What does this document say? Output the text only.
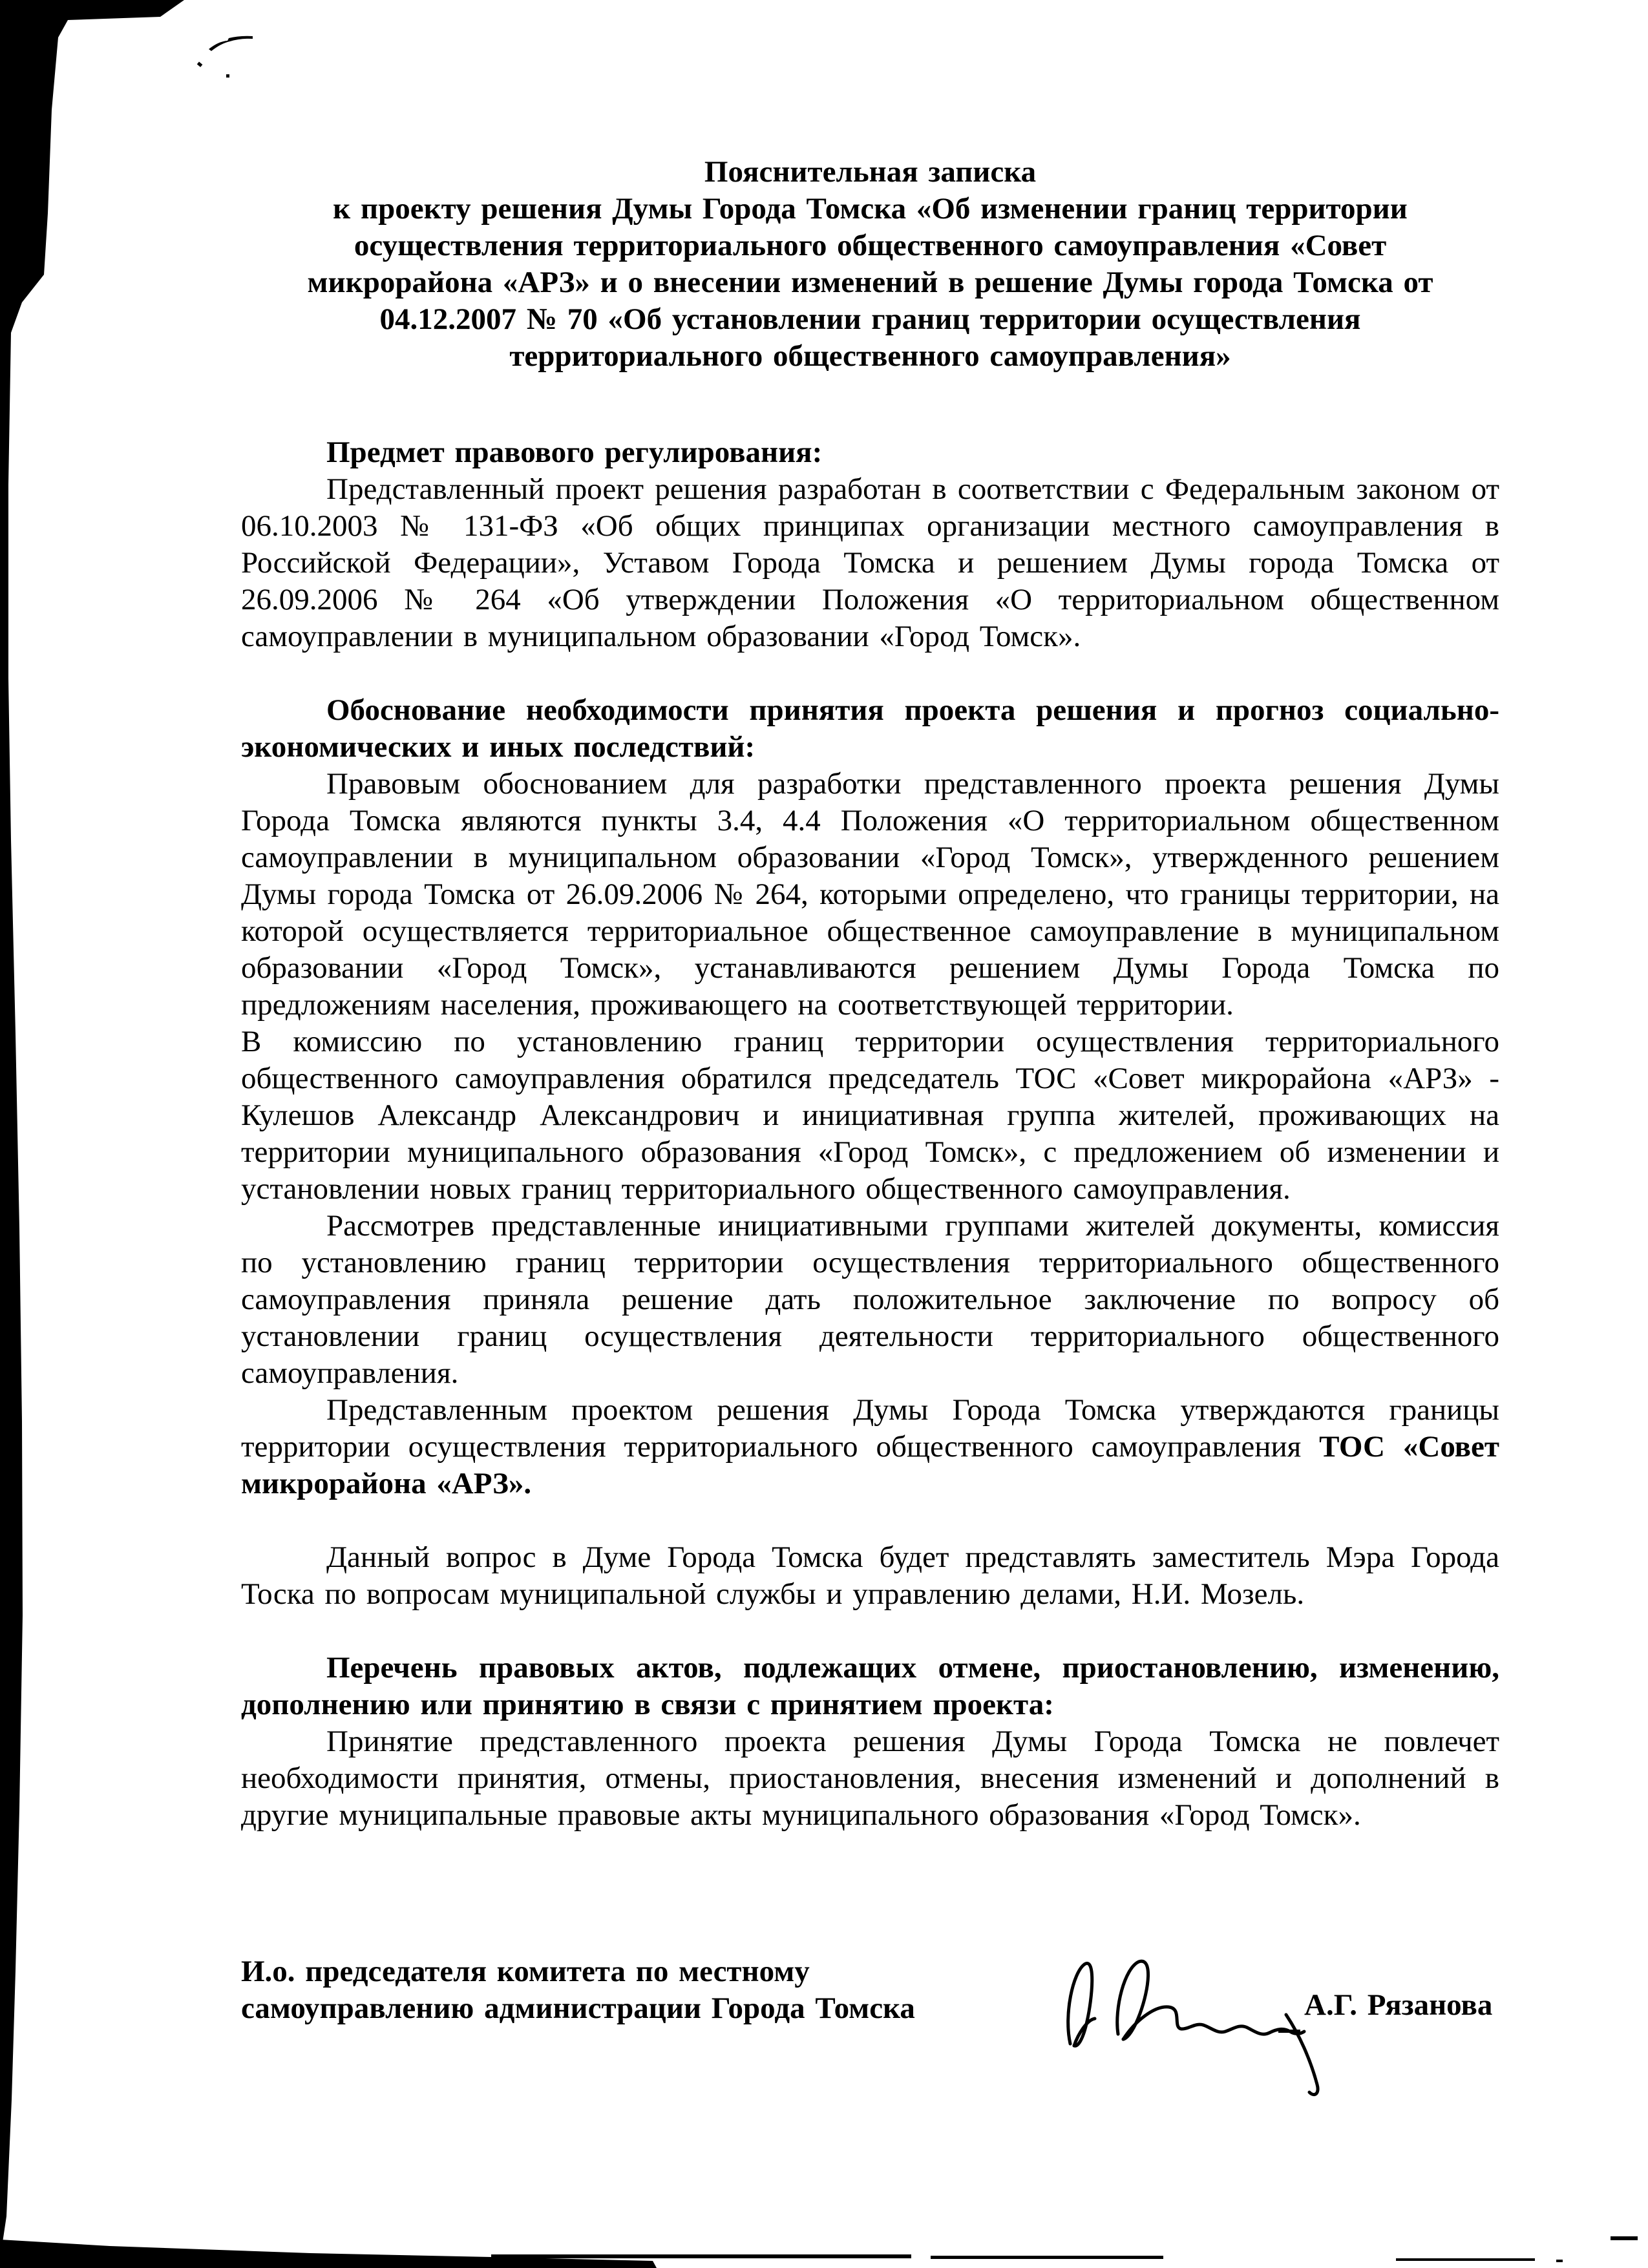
Пояснительная записка
к проекту решения Думы Города Томска «Об изменении границ территории
осуществления территориального общественного самоуправления «Совет
микрорайона «АРЗ» и о внесении изменений в решение Думы города Томска от
04.12.2007 № 70 «Об установлении границ территории осуществления
территориального общественного самоуправления»

Предмет правового регулирования:

Представленный проект решения разработан в соответствии с Федеральным законом от 06.10.2003 № 131-ФЗ «Об общих принципах организации местного самоуправления в Российской Федерации», Уставом Города Томска и решением Думы города Томска от 26.09.2006 № 264 «Об утверждении Положения «О территориальном общественном самоуправлении в муниципальном образовании «Город Томск».

Обоснование необходимости принятия проекта решения и прогноз социально-экономических и иных последствий:

Правовым обоснованием для разработки представленного проекта решения Думы Города Томска являются пункты 3.4, 4.4 Положения «О территориальном общественном самоуправлении в муниципальном образовании «Город Томск», утвержденного решением Думы города Томска от 26.09.2006 № 264, которыми определено, что границы территории, на которой осуществляется территориальное общественное самоуправление в муниципальном образовании «Город Томск», устанавливаются решением Думы Города Томска по предложениям населения, проживающего на соответствующей территории.

В комиссию по установлению границ территории осуществления территориального общественного самоуправления обратился председатель ТОС «Совет микрорайона «АРЗ» - Кулешов Александр Александрович и инициативная группа жителей, проживающих на территории муниципального образования «Город Томск», с предложением об изменении и установлении новых границ территориального общественного самоуправления.

Рассмотрев представленные инициативными группами жителей документы, комиссия по установлению границ территории осуществления территориального общественного самоуправления приняла решение дать положительное заключение по вопросу об установлении границ осуществления деятельности территориального общественного самоуправления.

Представленным проектом решения Думы Города Томска утверждаются границы территории осуществления территориального общественного самоуправления ТОС «Совет микрорайона «АРЗ».

Данный вопрос в Думе Города Томска будет представлять заместитель Мэра Города Тоска по вопросам муниципальной службы и управлению делами, Н.И. Мозель.

Перечень правовых актов, подлежащих отмене, приостановлению, изменению, дополнению или принятию в связи с принятием проекта:

Принятие представленного проекта решения Думы Города Томска не повлечет необходимости принятия, отмены, приостановления, внесения изменений и дополнений в другие муниципальные правовые акты муниципального образования «Город Томск».

И.о. председателя комитета по местному
самоуправлению администрации Города Томска	А.Г. Рязанова
